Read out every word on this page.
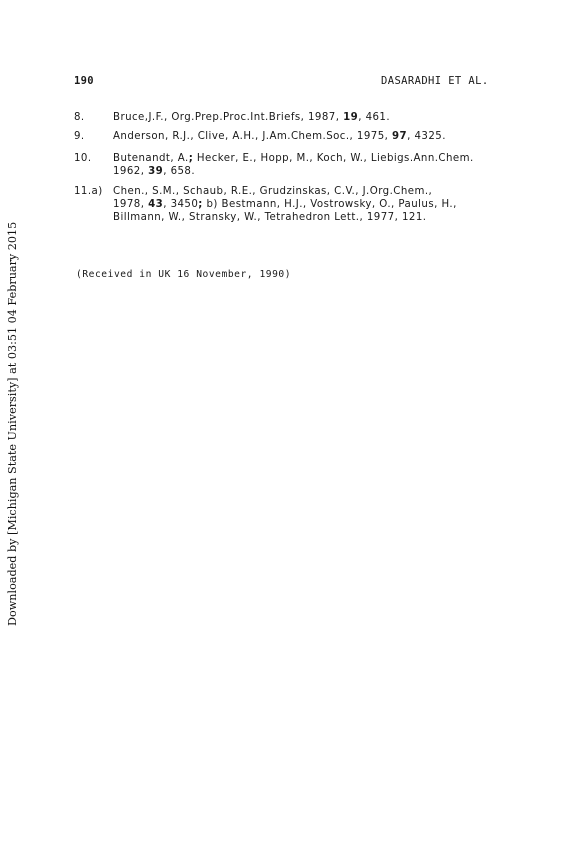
190	DASARADHI ET AL.
8.	Bruce,J.F., Org.Prep.Proc.Int.Briefs, 1987, 19, 461.
9.	Anderson, R.J., Clive, A.H., J.Am.Chem.Soc., 1975, 97, 4325.
10. Butenandt, A.; Hecker, E., Hopp, M., Koch, W., Liebigs.Ann.Chem.
1962, 39, 658.
11.a) Chen., S.M., Schaub, R.E., Grudzinskas, C.V., J.Org.Chem.,
1978, 43, 3450; b) Bestmann, H.J., Vostrowsky, O., Paulus, H.,
Billmann, W., Stransky, W., Tetrahedron Lett., 1977, 121.
(Received in UK 16 November, 1990)
Downloaded by [Michigan State University] at 03:51 04 February 2015
